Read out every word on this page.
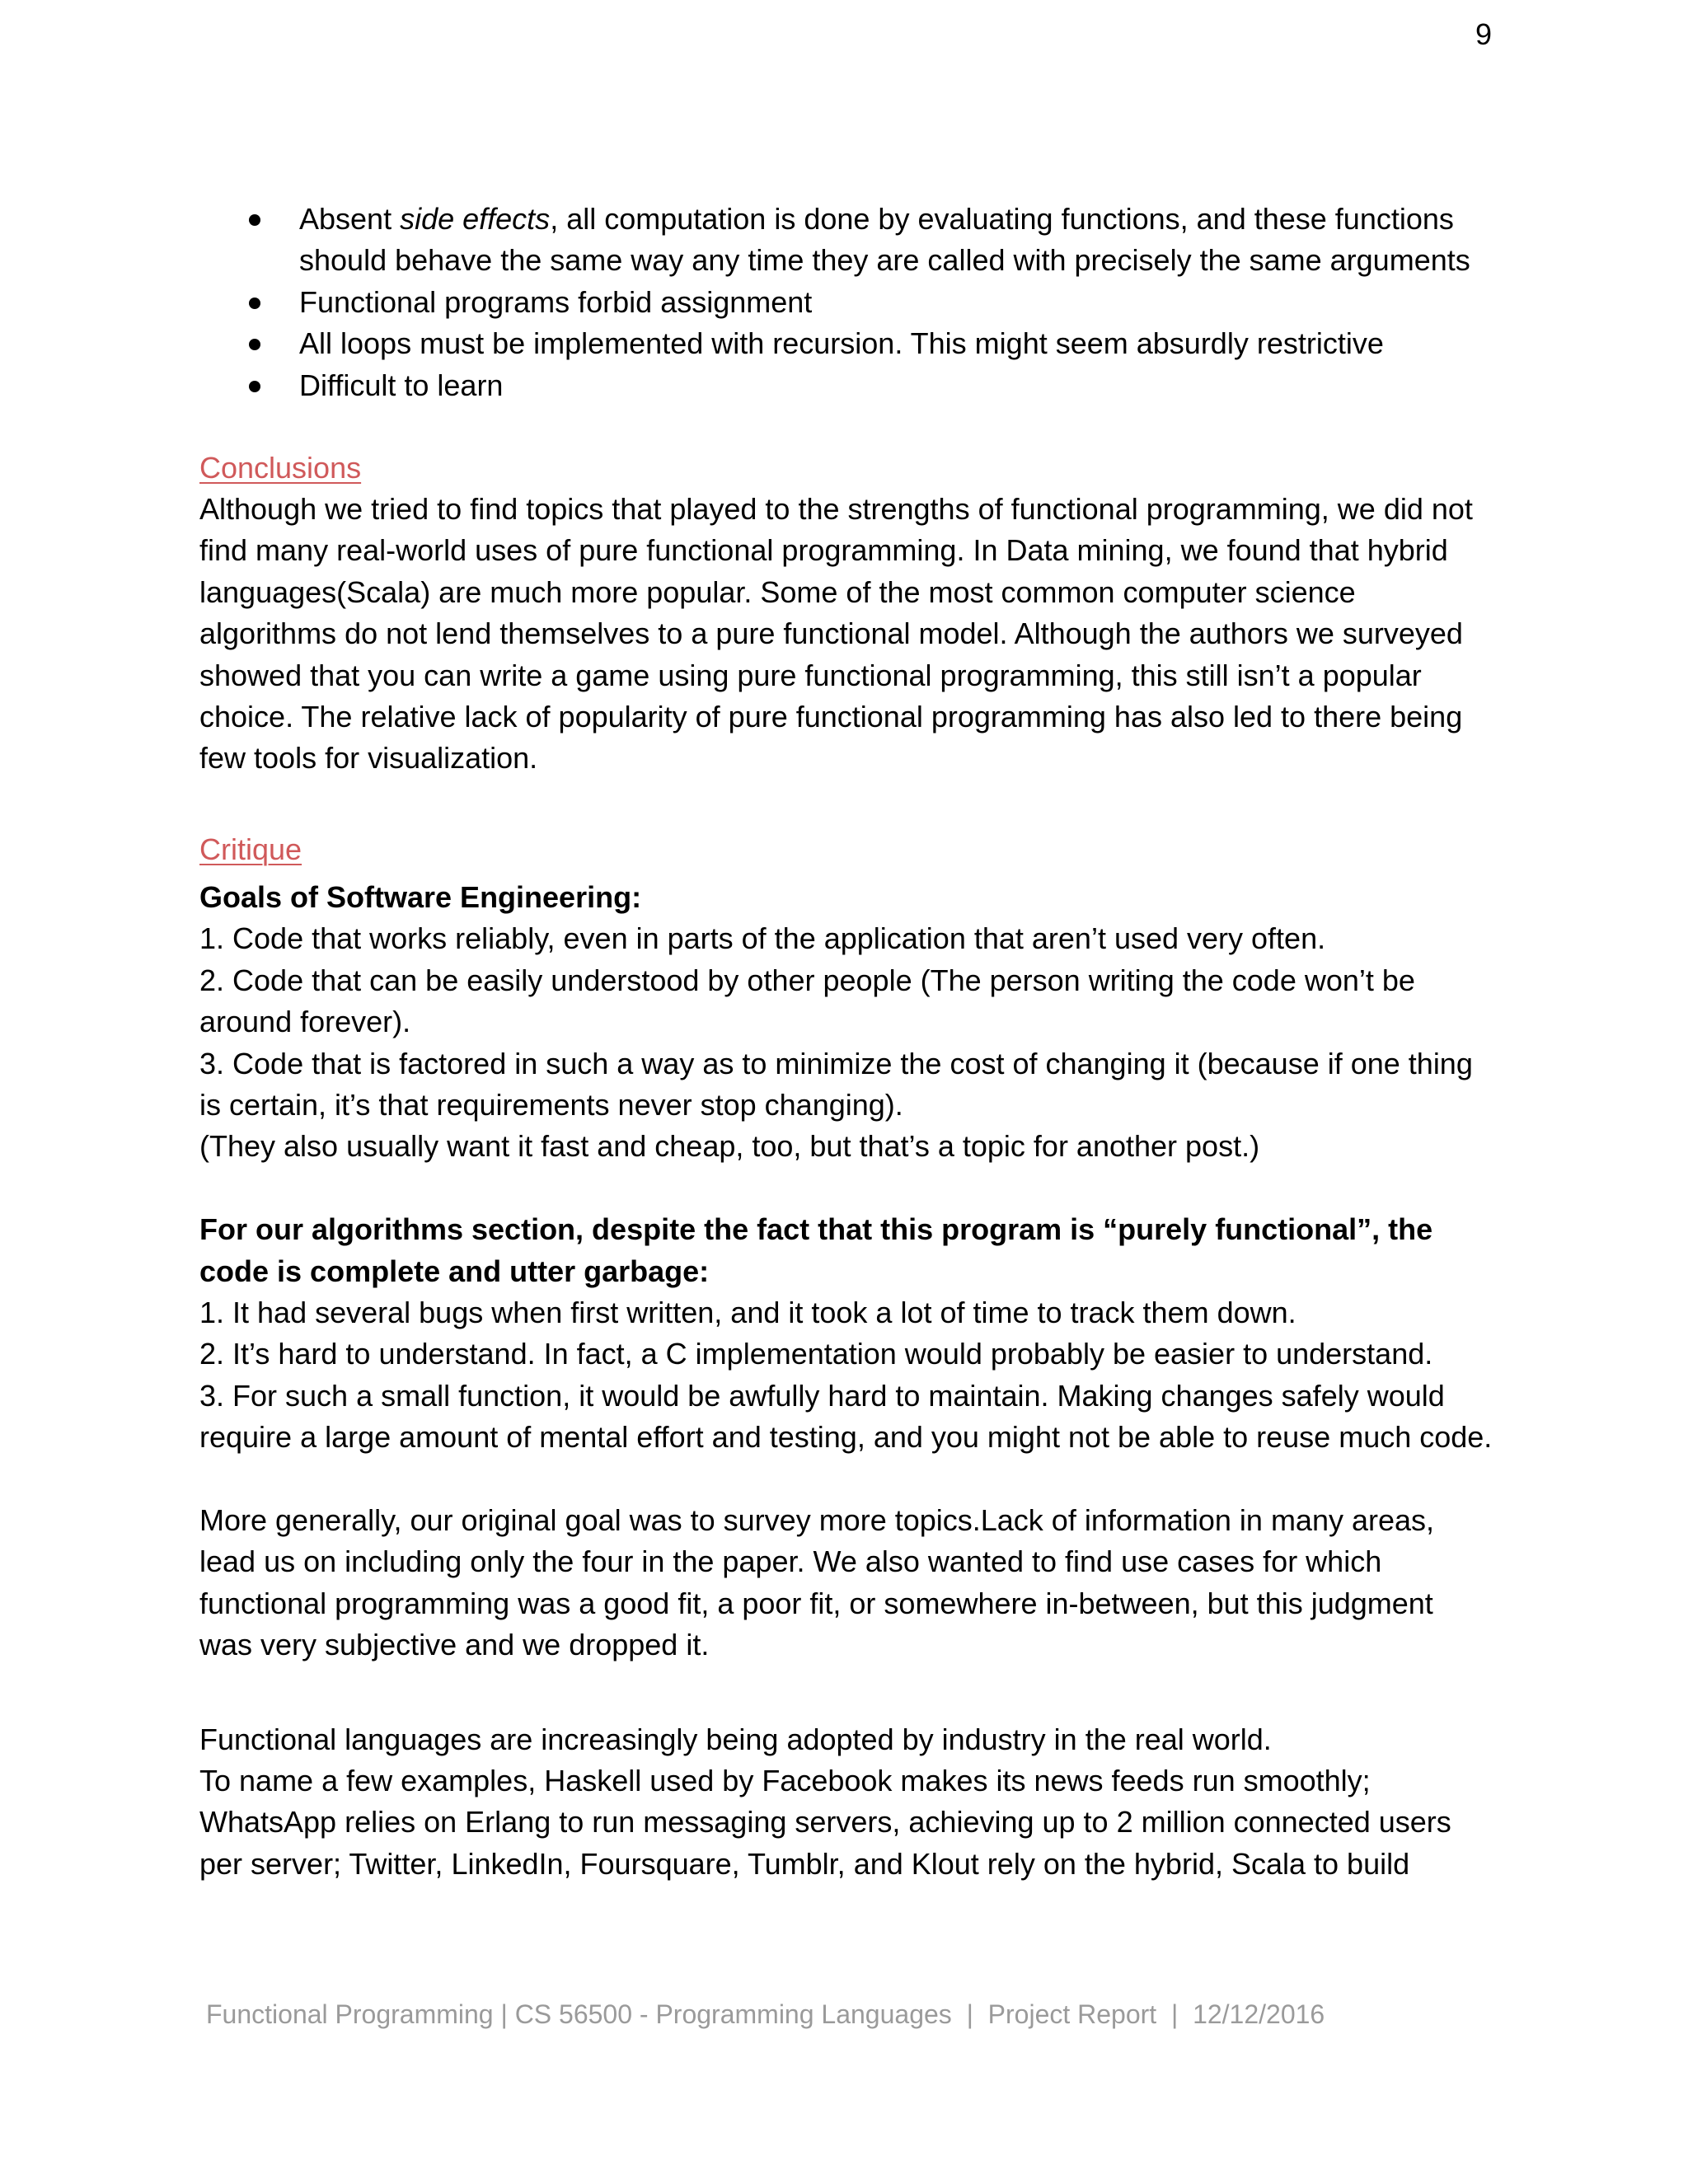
9
Absent side effects, all computation is done by evaluating functions, and these functions should behave the same way any time they are called with precisely the same arguments
Functional programs forbid assignment
All loops must be implemented with recursion. This might seem absurdly restrictive
Difficult to learn
Conclusions

Although we tried to find topics that played to the strengths of functional programming, we did not find many real-world uses of pure functional programming. In Data mining, we found that hybrid languages(Scala) are much more popular. Some of the most common computer science algorithms do not lend themselves to a pure functional model. Although the authors we surveyed showed that you can write a game using pure functional programming, this still isn’t a popular choice. The relative lack of popularity of pure functional programming has also led to there being few tools for visualization.

Critique

Goals of Software Engineering:

1. Code that works reliably, even in parts of the application that aren’t used very often.

2. Code that can be easily understood by other people (The person writing the code won’t be around forever).

3. Code that is factored in such a way as to minimize the cost of changing it (because if one thing is certain, it’s that requirements never stop changing).

(They also usually want it fast and cheap, too, but that’s a topic for another post.)

For our algorithms section, despite the fact that this program is “purely functional”, the code is complete and utter garbage:

1. It had several bugs when first written, and it took a lot of time to track them down.

2. It’s hard to understand. In fact, a C implementation would probably be easier to understand.

3. For such a small function, it would be awfully hard to maintain. Making changes safely would require a large amount of mental effort and testing, and you might not be able to reuse much code.

More generally, our original goal was to survey more topics.Lack of information in many areas, lead us on including only the four in the paper. We also wanted to find use cases for which functional programming was a good fit, a poor fit, or somewhere in-between, but this judgment was very subjective and we dropped it.

Functional languages are increasingly being adopted by industry in the real world.

To name a few examples, Haskell used by Facebook makes its news feeds run smoothly; WhatsApp relies on Erlang to run messaging servers, achieving up to 2 million connected users per server; Twitter, LinkedIn, Foursquare, Tumblr, and Klout rely on the hybrid, Scala to build

Functional Programming | CS 56500 - Programming Languages  |  Project Report  |  12/12/2016
